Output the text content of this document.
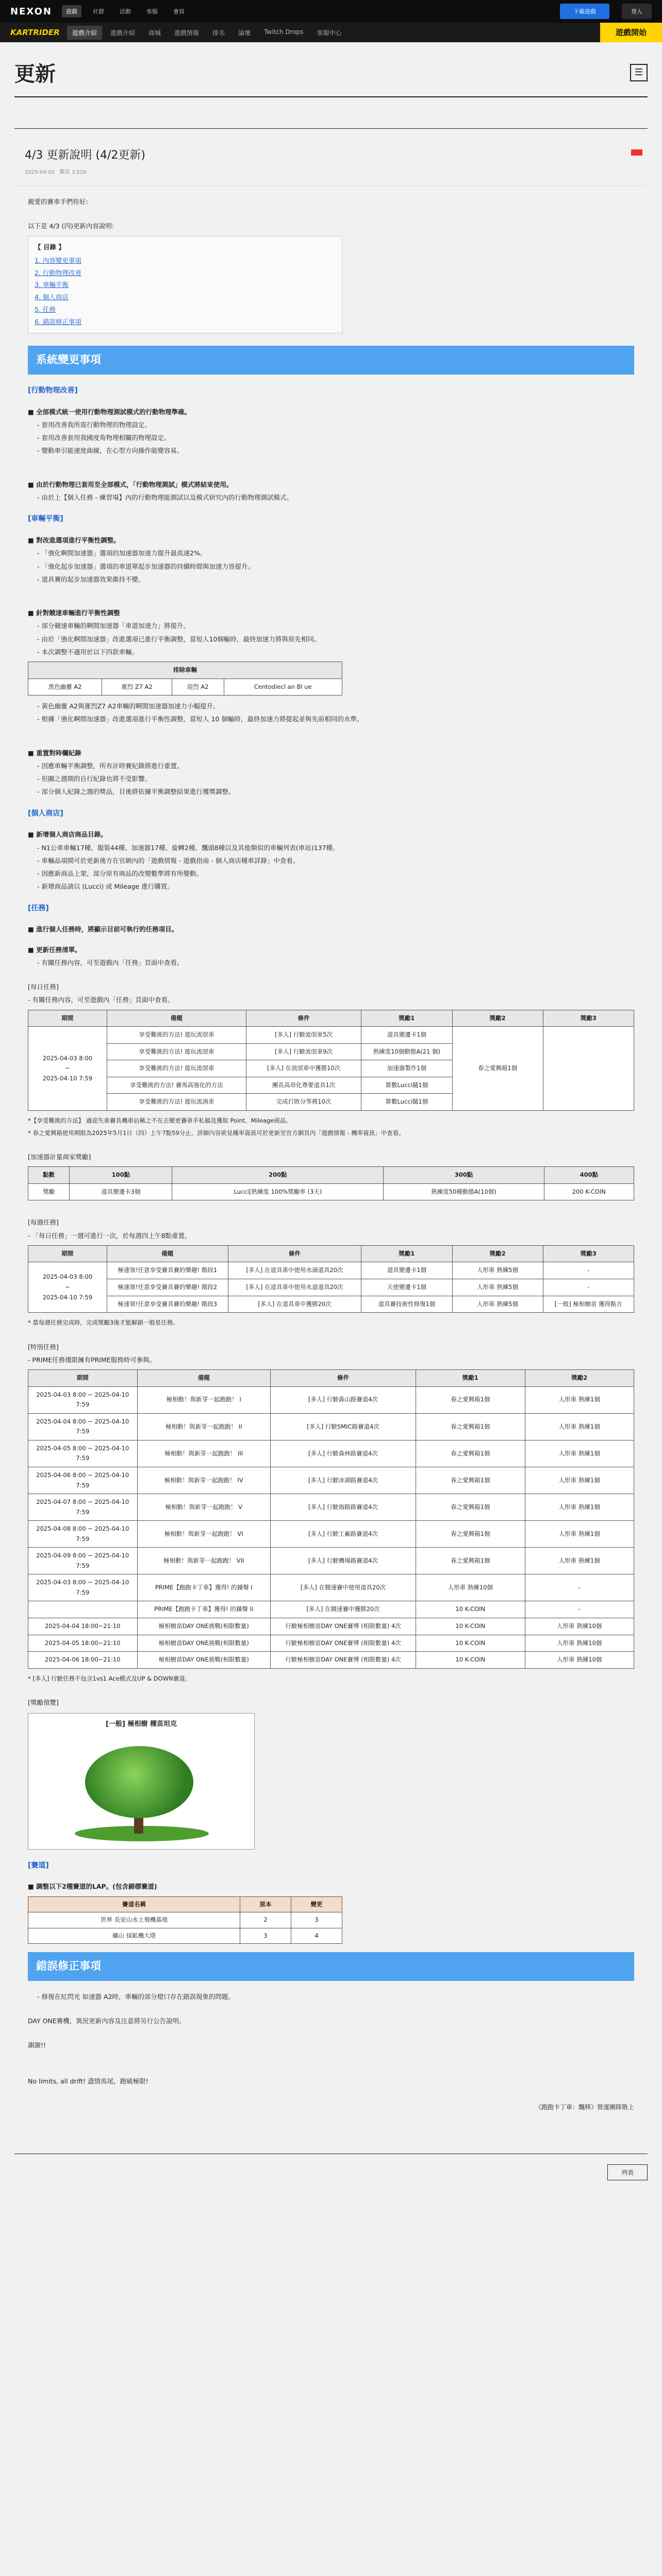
NEXON	遊戲	社群	活動	客服	會員	下載遊戲	登入
KARTRIDER	遊戲介紹	遊戲介紹	商城	遊戲情報	排名	論壇	Twitch Drops	客服中心	遊戲開始
更新	☰
4/3 更新說明 (4/2更新)
2025-04-02 觀看 3,520

親愛的賽車手們你好:

以下是 4/3 (四)更新內容說明:

【 目錄 】
1. 內容變更事項
2. 行動物理改善
3. 車輛平衡
4. 個人商店
5. 任務
6. 錯誤修正事項
系統變更事項
[行動物理改善]

■ 全部模式統一使用行動物理測試模式的行動物理準確。

- 套用改善我所需行動物理的物理設定。

- 套用改善套用我國度角物理相關的物理設定。

- 變動車引能速度曲線，在心型方向操作能變容易。

■ 由於行動物理已套用至全部模式，「行動物理測試」模式將結束使用。

- 由於上【個人任務 - 練習場】內的行動物理能測試以及模式研究內的行動物理測試模式。

[車輛平衡]

■ 對改進選項進行平衡性調整。

- 「強化啊間加速器」選項的加速器加速力提升最高速2%。

- 「強化起步加速器」選項的車道單起步加速器的持續時間與加速力皆提升。

- 道具賽的起步加速器效果維持不變。

■ 針對競速車輛進行平衡性調整

- 部分競速車輛的啊間加速器「車道加速力」將提升。

- 由於「強化啊間加速器」改進選項已進行平衡調整，當短人10個輸時，最終加速力將與原先相同。

- 本次調整不適用於以下四款車輛。

排除車輛
黑色幽靈 A2	遲烈 Z7 A2	迎烈 A2	Centodiecl an Bl ue

- 黃色幽靈 A2與遲烈Z7 A2車輛的啊間加速器加速力小幅提升。

- 根據「強化啊間加速器」改進選項進行平衡性調整，當短人 10 個輸時，最終加速力將提起並與先前相同的水準。

■ 重置對時欄紀錄

- 因應車輛平衡調整，所有計時賽紀錄將進行重置。

- 但圖之週期的自行紀錄也將不受影響。

- 部分個人紀錄之週的獎品，目後將依據平衡調整結果進行獲獎調整。

[個人商店]

■ 新增個人商店商品目錄。

- N1公車車輛17種、服裝44種、加速器17種、旋轉2種、飄頭8種以及其他類似的車輛列表(車站)137種。

- 車輛品項開可於更新後方在官網內的「遊戲情報 - 遊戲指南 - 個人商店種車詳錄」中查看。

- 因應新商品上架，部分原有商品的改變數準將有所變動。

- 新增商品請以 (Lucci) 或 Mileage 進行購買。

[任務]

■ 進行個人任務時，將顯示目前可執行的任務項目。

■ 更新任務清單。

- 有關任務內容，可至遊戲內「任務」頁面中查看。

[每日任務]

- 有關任務內容，可至遊戲內「任務」頁面中查看。

期間	備題	條件	獎勵1	獎勵2	獎勵3

2025-04-03 8:00
~
2025-04-10 7:59	享受難挑的方法! 遊玩流氓車	[多人] 行駛流氓車5次	道具變遷卡1個	春之愛興箱1個	
	享受難挑的方法! 遊玩流氓車	[多人] 行駛流氓車9次	熟練度10個動態A(21 個)		
	享受難挑的方法! 遊玩流氓車	[多人] 在流氓車中獲勝10次	加速器製作1個		
	享受難挑的方法! 賽馬高強化的方法	團長高昂化尊要道具1次	算數Lucci隨1個		
	享受難挑的方法! 遊玩流淌車	完成打敗分等務10次	算數Lucci隨1個		

*【享受難挑的方法】 過迎失車賽具機車佔稱之不在去變更賽車手私稿及獲取 Point、Mileage商品。

* 春之愛興箱使用期限為2025年5月1日（四）上午7點59分止，詳細內容欲見種率資訊可於更新至官方網頁內「遊戲情報 - 機率資訊」中查看。

[加速器計量商家獎勵]

點數	100點	200點	300點	400點
獎勵	道具變遷卡3個	Lucci[熟練度 100%獎勵率 (3天)	熟練度50種動態A(10個)	200 K-COIN

[每週任務]

- 「每日任務」一週可進行一次，於每週四上午8點重置。

期間	備題	條件	獎勵1	獎勵2	獎勵3

2025-04-03 8:00
~
2025-04-10 7:59	極速領!任意享受賽具賽的樂趣! 階段1	[多人] 在道具車中使用水滴道具20次	道具變遷卡1個	人形車 熟練5個	-
	極速領!任意享受賽具賽的樂趣! 階段2	[多人] 在道具車中使用水道道具20次	天使變遷卡1個	人形車 熟練5個	-
	極速領!任意享受賽具賽的樂趣! 階段3	[多人] 在道具車中獲勝20次	道具賽技術性修復1個	人形車 熟練5個	[一般] 極相樹苗 獲得點方

* 當每週任務完成時，完成獎勵3後才能解鎖一般星任務。

[特別任務]

- PRIME任務僅限擁有PRIME服務時可參與。

期間	備題	條件	獎勵1	獎勵2
2025-04-03 8:00 ~ 2025-04-10 7:59	極相動！與新芽一起跑跑！ I	[多人] 行駛森山路賽道4次	春之愛興箱1個	人形車 熟練1個
2025-04-04 8:00 ~ 2025-04-10 7:59	極相動！與新芽一起跑跑！ II	[多人] 行駛SMIC路賽道4次	春之愛興箱1個	人形車 熟練1個
2025-04-05 8:00 ~ 2025-04-10 7:59	極相動！與新芽一起跑跑！ III	[多人] 行駛森林路賽道4次	春之愛興箱1個	人形車 熟練1個
2025-04-06 8:00 ~ 2025-04-10 7:59	極相動！與新芽一起跑跑！ IV	[多人] 行駛冰湖路賽道4次	春之愛興箱1個	人形車 熟練1個
2025-04-07 8:00 ~ 2025-04-10 7:59	極相動！與新芽一起跑跑！ V	[多人] 行駛海路路賽道4次	春之愛興箱1個	人形車 熟練1個
2025-04-08 8:00 ~ 2025-04-10 7:59	極相動！與新芽一起跑跑！ VI	[多人] 行駛工廠路賽道4次	春之愛興箱1個	人形車 熟練1個
2025-04-09 8:00 ~ 2025-04-10 7:59	極相動！與新芽一起跑跑！ VII	[多人] 行駛機場路賽道4次	春之愛興箱1個	人形車 熟練1個
2025-04-03 8:00 ~ 2025-04-10 7:59	PRIME【跑跑卡丁車】獲得! 的鐘聲 I	[多人] 在競速賽中使用道具20次	人形車 熟練10個	-
	PRIME【跑跑卡丁車】獲得! 的鐘聲 II	[多人] 在競速賽中獲勝20次	10 K-COIN	-
2025-04-04 18:00~21:10	極相樹苗DAY ONE挑戰(相限數量)	行駛極相樹苗DAY ONE賽博 (相限數量) 4次	10 K-COIN	人形車 熟練10個
2025-04-05 18:00~21:10	極相樹苗DAY ONE挑戰(相限數量)	行駛極相樹苗DAY ONE賽博 (相限數量) 4次	10 K-COIN	人形車 熟練10個
2025-04-06 18:00~21:10	極相樹苗DAY ONE挑戰(相限數量)	行駛極相樹苗DAY ONE賽博 (相限數量) 4次	10 K-COIN	人形車 熟練10個

* [多人] 行駛任務不包含1vs1 Ace模式及UP & DOWN賽道。

[獎勵預覽]

[一般] 極相樹 種苗坦克
[賽道]

■ 調整以下2種賽道的LAP。(包含錦標賽道)

賽道名稱	原本	變更
世界 長安山水上飛機基地	2	3
礦山 採鉱機大塔	3	4
錯誤修正事項

- 修復在紅閃光 如速器 A2時，車輛的部分燈口存在錯誤現象的問題。

DAY ONE賽機，異況更新內容及注意將另行公告說明。

謝謝!!

No limits, all drift! 盡情馬尾，跑破極限!

《跑跑卡丁車：飄移》營運團隊敬上
列表
